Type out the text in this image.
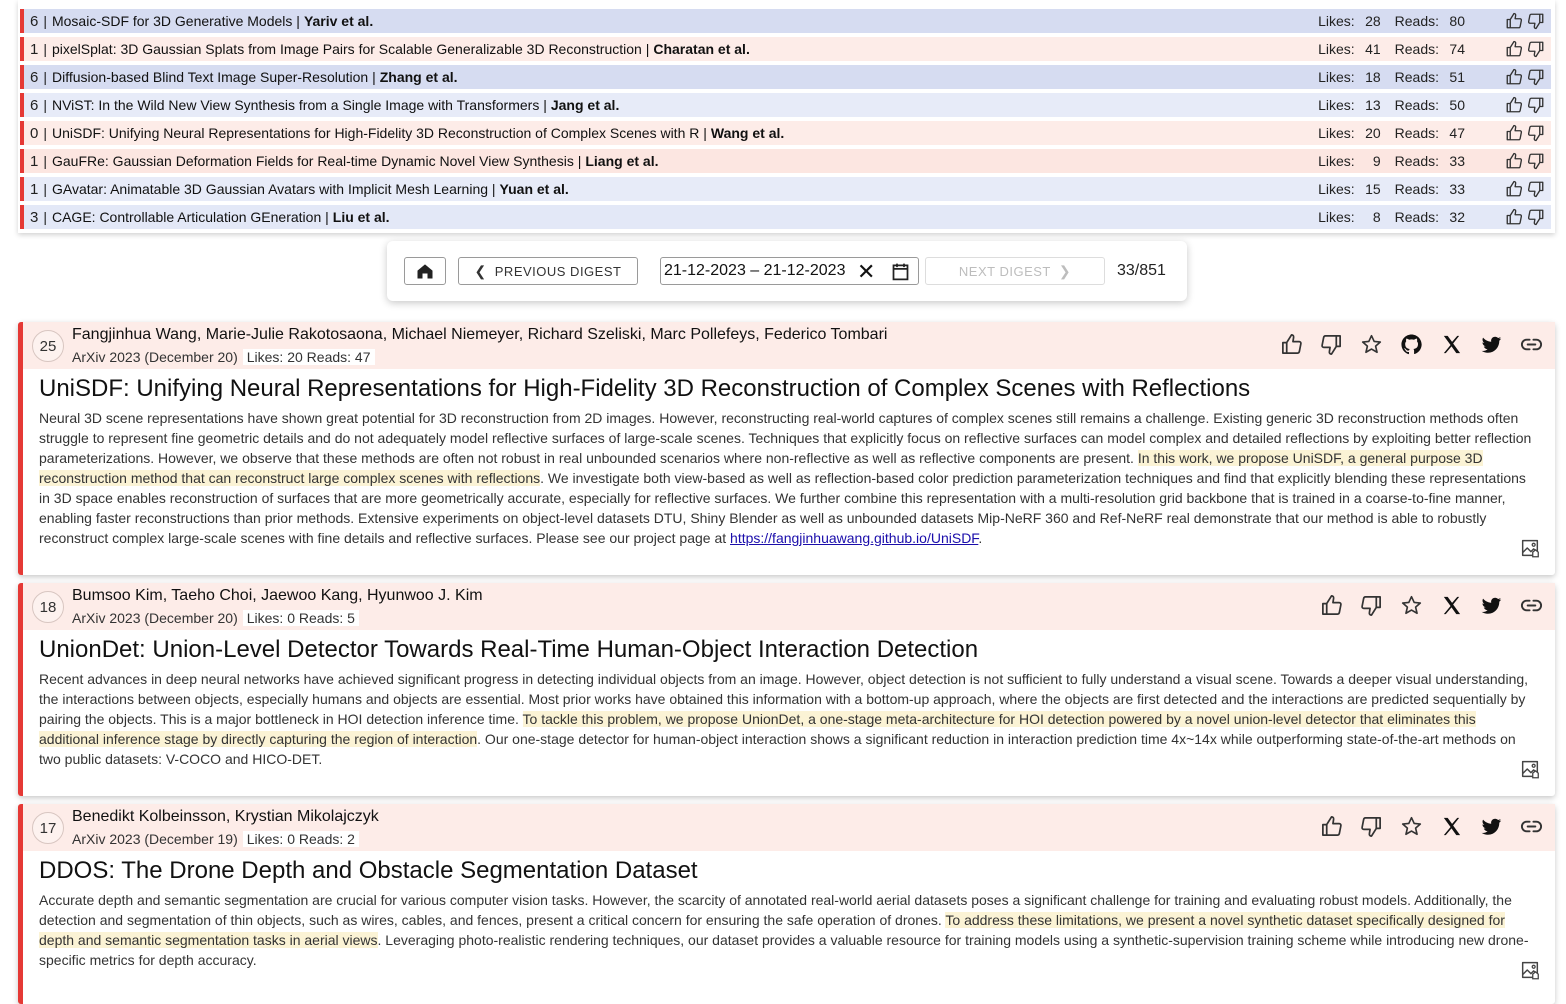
6 | Mosaic-SDF for 3D Generative Models | Yariv et al.	Likes: 28 Reads: 80
1 | pixelSplat: 3D Gaussian Splats from Image Pairs for Scalable Generalizable 3D Reconstruction | Charatan et al.	Likes: 41 Reads: 74
6 | Diffusion-based Blind Text Image Super-Resolution | Zhang et al.	Likes: 18 Reads: 51
6 | NViST: In the Wild New View Synthesis from a Single Image with Transformers | Jang et al.	Likes: 13 Reads: 50
0 | UniSDF: Unifying Neural Representations for High-Fidelity 3D Reconstruction of Complex Scenes with R | Wang et al.	Likes: 20 Reads: 47
1 | GauFRe: Gaussian Deformation Fields for Real-time Dynamic Novel View Synthesis | Liang et al.	Likes: 9 Reads: 33
1 | GAvatar: Animatable 3D Gaussian Avatars with Implicit Mesh Learning | Yuan et al.	Likes: 15 Reads: 33
3 | CAGE: Controllable Articulation GEneration | Liu et al.	Likes: 8 Reads: 32
❮ PREVIOUS DIGEST	21-12-2023 – 21-12-2023 ✕	NEXT DIGEST ❯	33/851
25
Fangjinhua Wang, Marie-Julie Rakotosaona, Michael Niemeyer, Richard Szeliski, Marc Pollefeys, Federico Tombari
ArXiv 2023 (December 20) Likes: 20 Reads: 47
UniSDF: Unifying Neural Representations for High-Fidelity 3D Reconstruction of Complex Scenes with Reflections
Neural 3D scene representations have shown great potential for 3D reconstruction from 2D images. However, reconstructing real-world captures of complex scenes still remains a challenge. Existing generic 3D reconstruction methods often struggle to represent fine geometric details and do not adequately model reflective surfaces of large-scale scenes. Techniques that explicitly focus on reflective surfaces can model complex and detailed reflections by exploiting better reflection parameterizations. However, we observe that these methods are often not robust in real unbounded scenarios where non-reflective as well as reflective components are present. In this work, we propose UniSDF, a general purpose 3D reconstruction method that can reconstruct large complex scenes with reflections. We investigate both view-based as well as reflection-based color prediction parameterization techniques and find that explicitly blending these representations in 3D space enables reconstruction of surfaces that are more geometrically accurate, especially for reflective surfaces. We further combine this representation with a multi-resolution grid backbone that is trained in a coarse-to-fine manner, enabling faster reconstructions than prior methods. Extensive experiments on object-level datasets DTU, Shiny Blender as well as unbounded datasets Mip-NeRF 360 and Ref-NeRF real demonstrate that our method is able to robustly reconstruct complex large-scale scenes with fine details and reflective surfaces. Please see our project page at https://fangjinhuawang.github.io/UniSDF.
18
Bumsoo Kim, Taeho Choi, Jaewoo Kang, Hyunwoo J. Kim
ArXiv 2023 (December 20) Likes: 0 Reads: 5
UnionDet: Union-Level Detector Towards Real-Time Human-Object Interaction Detection
Recent advances in deep neural networks have achieved significant progress in detecting individual objects from an image. However, object detection is not sufficient to fully understand a visual scene. Towards a deeper visual understanding, the interactions between objects, especially humans and objects are essential. Most prior works have obtained this information with a bottom-up approach, where the objects are first detected and the interactions are predicted sequentially by pairing the objects. This is a major bottleneck in HOI detection inference time. To tackle this problem, we propose UnionDet, a one-stage meta-architecture for HOI detection powered by a novel union-level detector that eliminates this additional inference stage by directly capturing the region of interaction. Our one-stage detector for human-object interaction shows a significant reduction in interaction prediction time 4x~14x while outperforming state-of-the-art methods on two public datasets: V-COCO and HICO-DET.
17
Benedikt Kolbeinsson, Krystian Mikolajczyk
ArXiv 2023 (December 19) Likes: 0 Reads: 2
DDOS: The Drone Depth and Obstacle Segmentation Dataset
Accurate depth and semantic segmentation are crucial for various computer vision tasks. However, the scarcity of annotated real-world aerial datasets poses a significant challenge for training and evaluating robust models. Additionally, the detection and segmentation of thin objects, such as wires, cables, and fences, present a critical concern for ensuring the safe operation of drones. To address these limitations, we present a novel synthetic dataset specifically designed for depth and semantic segmentation tasks in aerial views. Leveraging photo-realistic rendering techniques, our dataset provides a valuable resource for training models using a synthetic-supervision training scheme while introducing new drone-specific metrics for depth accuracy.
